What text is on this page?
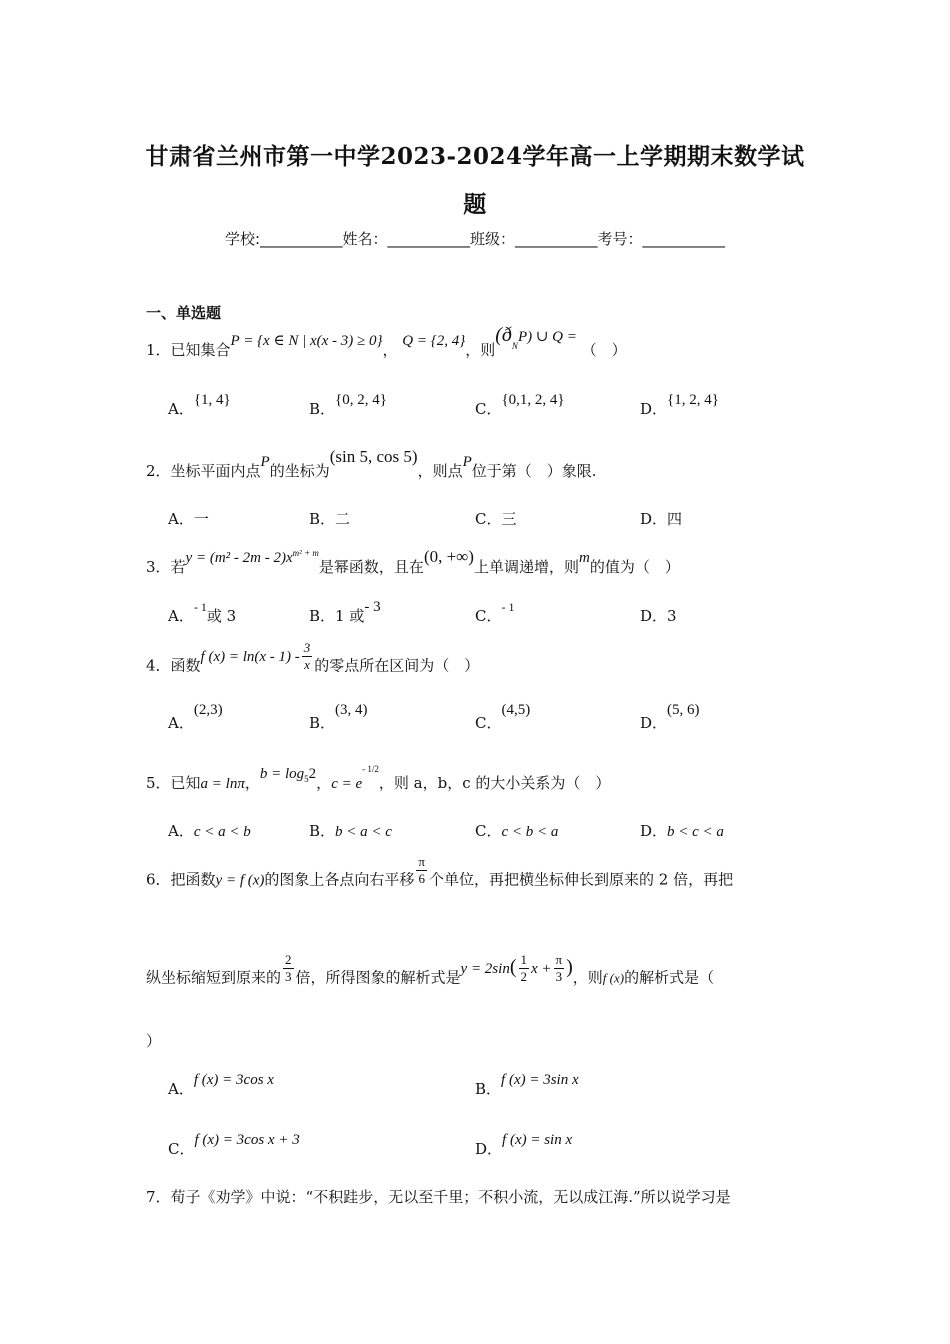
甘肃省兰州市第一中学2023-2024学年高一上学期期末数学试
题
学校:___________姓名：___________班级：___________考号：___________
一、单选题
1．已知集合P = {x ∈ N | x(x - 3) ≥ 0}， Q = {2, 4}，则$(ð_NP)$ ∪ Q = （　）
A．{1, 4}	B．{0, 2, 4}	C．{0,1, 2, 4}	D．{1, 2, 4}
2．坐标平面内点P的坐标为(sin 5, cos 5)，则点P位于第（　）象限.
A．一	B．二	C．三	D．四
3．若$y = (m^2 - 2m - 2)x^{m^2 + m}$是幂函数，且在(0, +∞)上单调递增，则m的值为（　）
A．$^{- 1}$或 3	B．1 或- 3	C．$^{- 1}$	D．3
4．函数f $(x) = \ln(x - 1) - \frac{3}{x}$ 的零点所在区间为（　）
A．(2,3)
B．(3, 4)
C．(4,5)
D．(5, 6)
5．已知a = lnπ，$b = \log_52$，$c = e^{- 1/2}$，则 a，b，c 的大小关系为（　）
A．c < a < b	B．b < a < c	C．c < b < a	D．b < c < a
6．把函数y = f (x)的图象上各点向右平移 $\frac{\pi}{6}$ 个单位，再把横坐标伸长到原来的 2 倍，再把
纵坐标缩短到原来的 $\frac{2}{3}$ 倍，所得图象的解析式是$y = 2\sin( \frac{1}{2}$ $x + \frac{\pi}{3}$ )，则f (x)的解析式是（
）
A．f (x) = 3cos x	B．f (x) = 3sin x
C．f (x) = 3cos x + 3	D．f (x) = sin x
7．荀子《劝学》中说：“不积跬步，无以至千里；不积小流，无以成江海.”所以说学习是
